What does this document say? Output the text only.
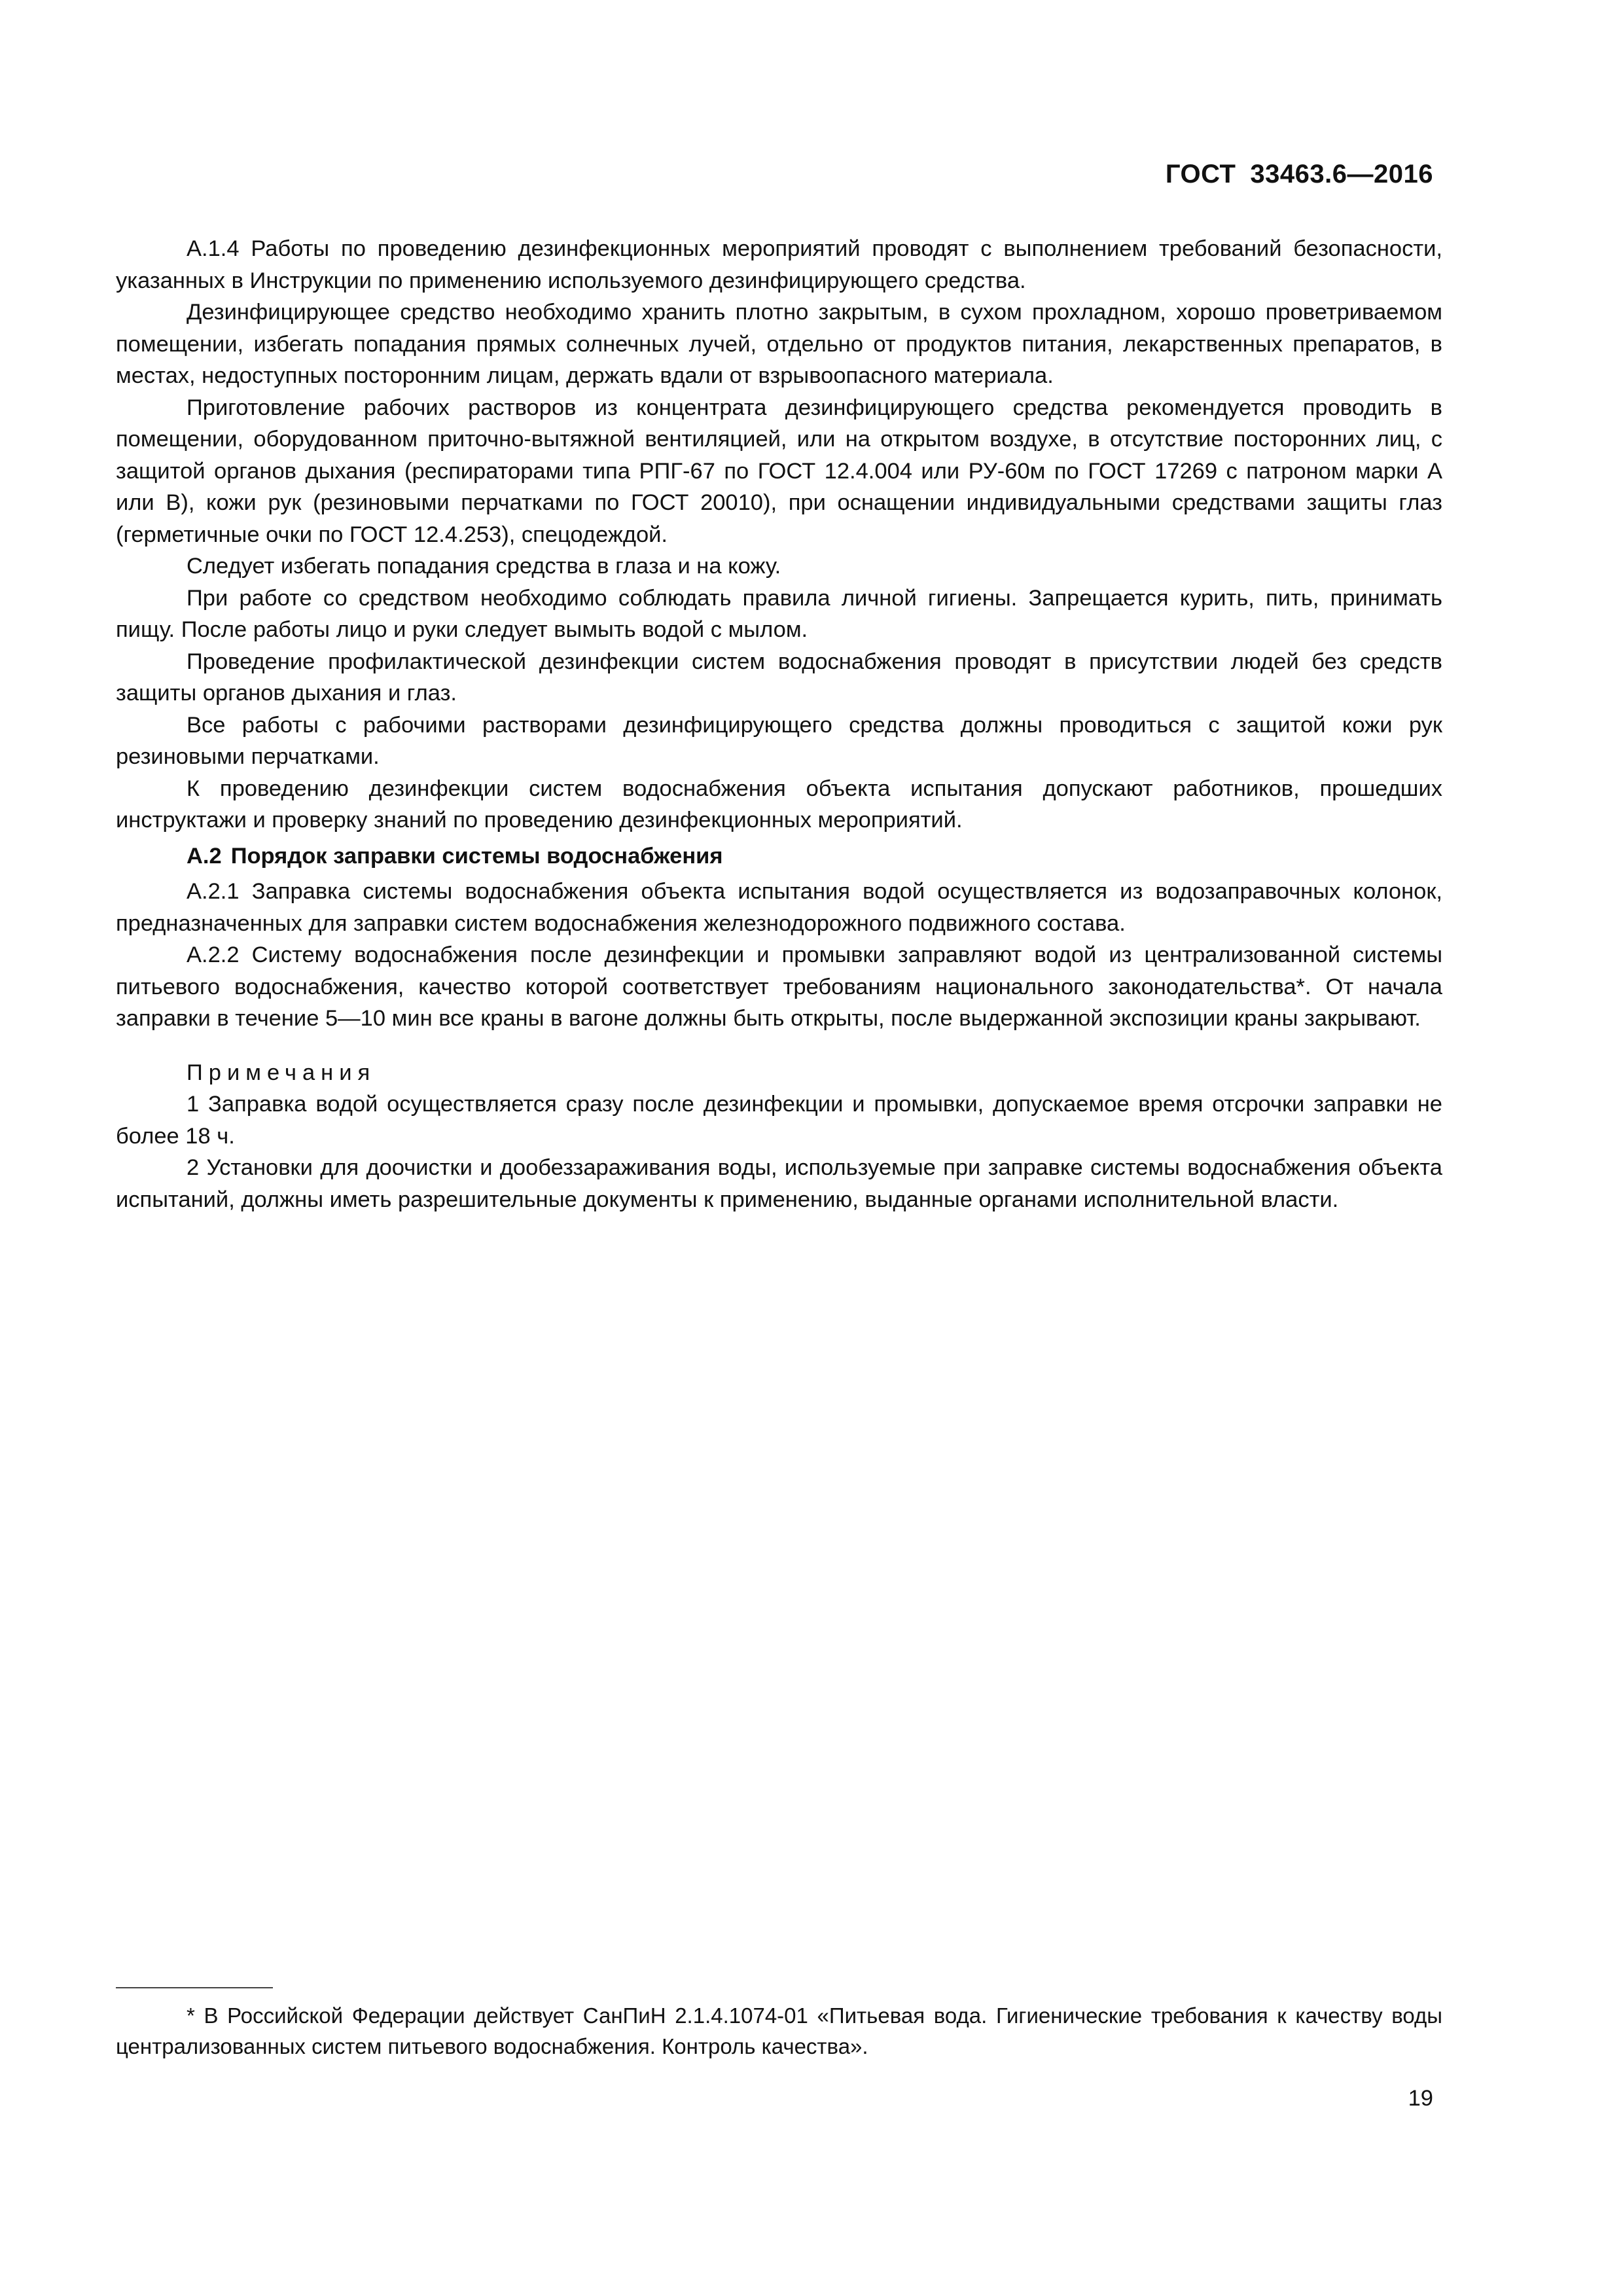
ГОСТ 33463.6—2016

А.1.4 Работы по проведению дезинфекционных мероприятий проводят с выполнением требований безопасности, указанных в Инструкции по применению используемого дезинфицирующего средства.

Дезинфицирующее средство необходимо хранить плотно закрытым, в сухом прохладном, хорошо проветриваемом помещении, избегать попадания прямых солнечных лучей, отдельно от продуктов питания, лекарственных препаратов, в местах, недоступных посторонним лицам, держать вдали от взрывоопасного материала.

Приготовление рабочих растворов из концентрата дезинфицирующего средства рекомендуется проводить в помещении, оборудованном приточно-вытяжной вентиляцией, или на открытом воздухе, в отсутствие посторонних лиц, с защитой органов дыхания (респираторами типа РПГ-67 по ГОСТ 12.4.004 или РУ-60м по ГОСТ 17269 с патроном марки А или В), кожи рук (резиновыми перчатками по ГОСТ 20010), при оснащении индивидуальными средствами защиты глаз (герметичные очки по ГОСТ 12.4.253), спецодеждой.

Следует избегать попадания средства в глаза и на кожу.

При работе со средством необходимо соблюдать правила личной гигиены. Запрещается курить, пить, принимать пищу. После работы лицо и руки следует вымыть водой с мылом.

Проведение профилактической дезинфекции систем водоснабжения проводят в присутствии людей без средств защиты органов дыхания и глаз.

Все работы с рабочими растворами дезинфицирующего средства должны проводиться с защитой кожи рук резиновыми перчатками.

К проведению дезинфекции систем водоснабжения объекта испытания допускают работников, прошедших инструктажи и проверку знаний по проведению дезинфекционных мероприятий.

А.2 Порядок заправки системы водоснабжения

А.2.1 Заправка системы водоснабжения объекта испытания водой осуществляется из водозаправочных колонок, предназначенных для заправки систем водоснабжения железнодорожного подвижного состава.

А.2.2 Систему водоснабжения после дезинфекции и промывки заправляют водой из централизованной системы питьевого водоснабжения, качество которой соответствует требованиям национального законодательства*. От начала заправки в течение 5—10 мин все краны в вагоне должны быть открыты, после выдержанной экспозиции краны закрывают.

Примечания

1 Заправка водой осуществляется сразу после дезинфекции и промывки, допускаемое время отсрочки заправки не более 18 ч.

2 Установки для доочистки и дообеззараживания воды, используемые при заправке системы водоснабжения объекта испытаний, должны иметь разрешительные документы к применению, выданные органами исполнительной власти.

* В Российской Федерации действует СанПиН 2.1.4.1074-01 «Питьевая вода. Гигиенические требования к качеству воды централизованных систем питьевого водоснабжения. Контроль качества».

19
